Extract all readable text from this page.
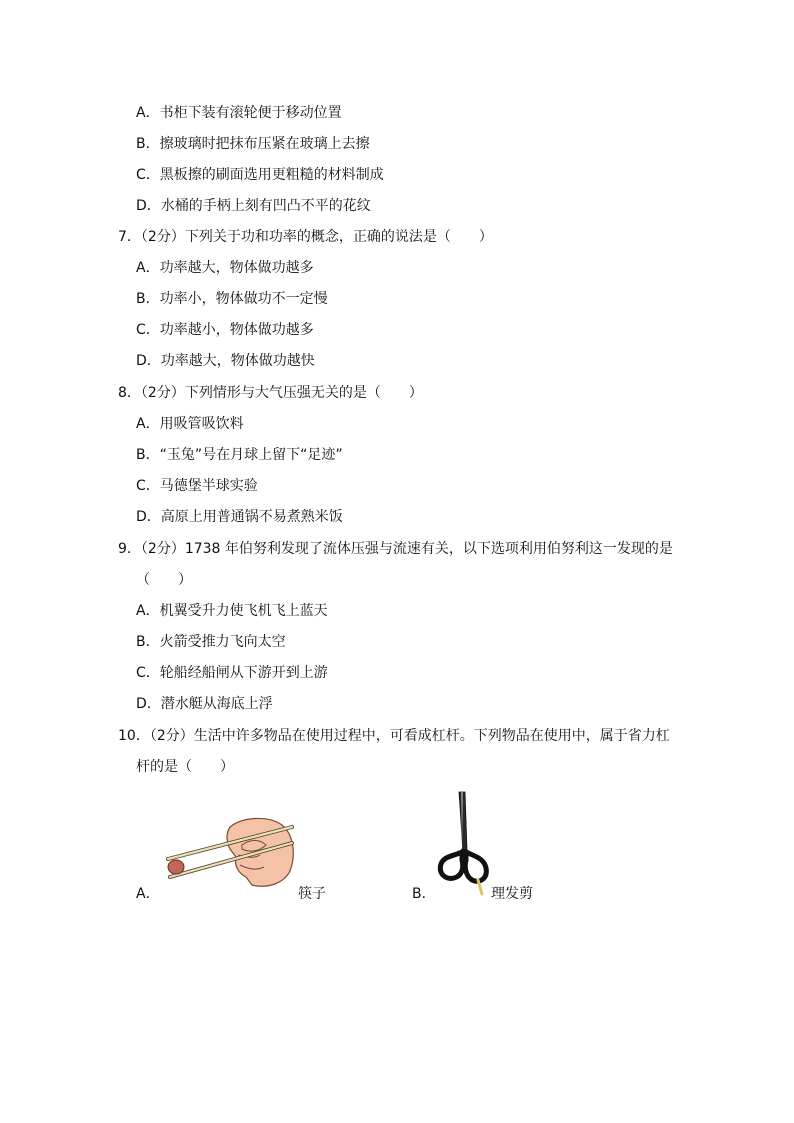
A．书柜下装有滚轮便于移动位置
B．擦玻璃时把抹布压紧在玻璃上去擦
C．黑板擦的刷面选用更粗糙的材料制成
D．水桶的手柄上刻有凹凸不平的花纹
7．（2分）下列关于功和功率的概念，正确的说法是（　　）
A．功率越大，物体做功越多
B．功率小，物体做功不一定慢
C．功率越小，物体做功越多
D．功率越大，物体做功越快
8．（2分）下列情形与大气压强无关的是（　　）
A．用吸管吸饮料
B．“玉兔”号在月球上留下“足迹”
C．马德堡半球实验
D．高原上用普通锅不易煮熟米饭
9．（2分）1738 年伯努利发现了流体压强与流速有关，以下选项利用伯努利这一发现的是
（　　）
A．机翼受升力使飞机飞上蓝天
B．火箭受推力飞向太空
C．轮船经船闸从下游开到上游
D．潜水艇从海底上浮
10．（2分）生活中许多物品在使用过程中，可看成杠杆。下列物品在使用中，属于省力杠
杆的是（　　）
A．	筷子	B．	理发剪
